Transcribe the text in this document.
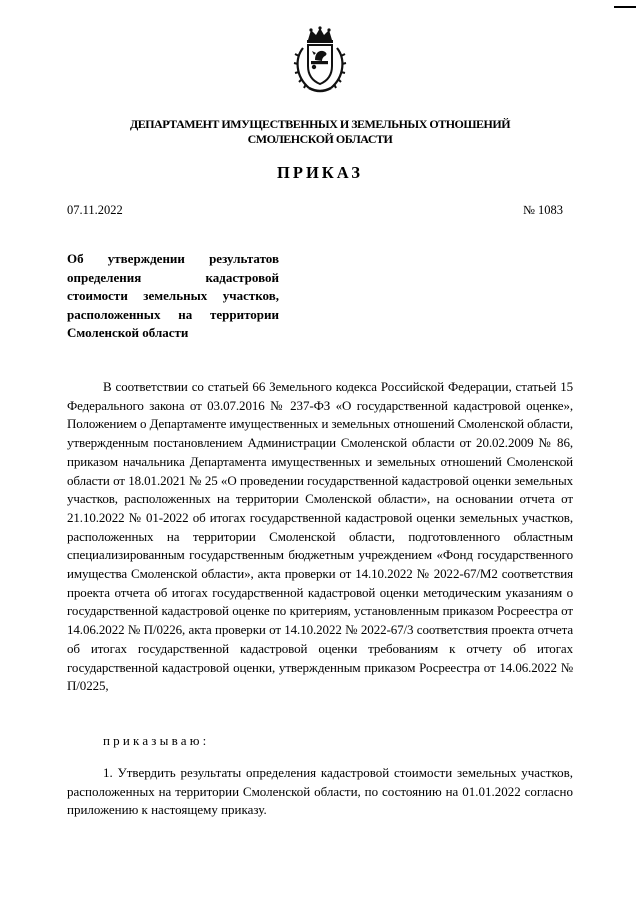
ДЕПАРТАМЕНТ ИМУЩЕСТВЕННЫХ И ЗЕМЕЛЬНЫХ ОТНОШЕНИЙ
СМОЛЕНСКОЙ ОБЛАСТИ
ПРИКАЗ
07.11.2022	№ 1083
Об утверждении результатов определения кадастровой стоимости земельных участков, расположенных на территории Смоленской области
В соответствии со статьей 66 Земельного кодекса Российской Федерации, статьей 15 Федерального закона от 03.07.2016 № 237-ФЗ «О государственной кадастровой оценке», Положением о Департаменте имущественных и земельных отношений Смоленской области, утвержденным постановлением Администрации Смоленской области от 20.02.2009 № 86, приказом начальника Департамента имущественных и земельных отношений Смоленской области от 18.01.2021 № 25 «О проведении государственной кадастровой оценки земельных участков, расположенных на территории Смоленской области», на основании отчета от 21.10.2022 № 01-2022 об итогах государственной кадастровой оценки земельных участков, расположенных на территории Смоленской области, подготовленного областным специализированным государственным бюджетным учреждением «Фонд государственного имущества Смоленской области», акта проверки от 14.10.2022 № 2022-67/М2 соответствия проекта отчета об итогах государственной кадастровой оценки методическим указаниям о государственной кадастровой оценке по критериям, установленным приказом Росреестра от 14.06.2022 № П/0226, акта проверки от 14.10.2022 № 2022-67/3 соответствия проекта отчета об итогах государственной кадастровой оценки требованиям к отчету об итогах государственной кадастровой оценки, утвержденным приказом Росреестра от 14.06.2022 № П/0225,
приказываю:
1. Утвердить результаты определения кадастровой стоимости земельных участков, расположенных на территории Смоленской области, по состоянию на 01.01.2022 согласно приложению к настоящему приказу.
